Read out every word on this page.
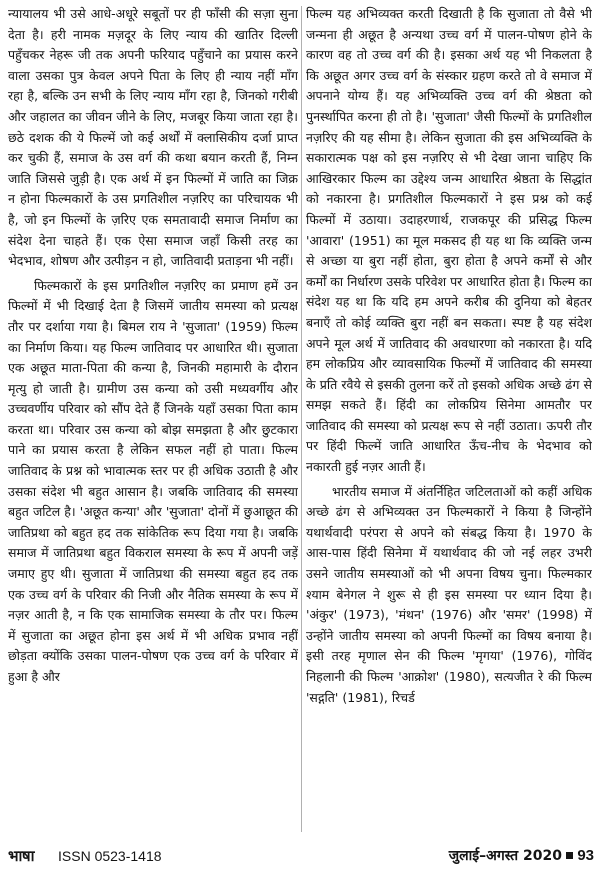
न्यायालय भी उसे आधे-अधूरे सबूतों पर ही फाँसी की सज़ा सुना देता है। हरी नामक मज़दूर के लिए न्याय की खातिर दिल्ली पहुँचकर नेहरू जी तक अपनी फरियाद पहुँचाने का प्रयास करने वाला उसका पुत्र केवल अपने पिता के लिए ही न्याय नहीं माँग रहा है, बल्कि उन सभी के लिए न्याय माँग रहा है, जिनको गरीबी और जहालत का जीवन जीने के लिए, मजबूर किया जाता रहा है। छठे दशक की ये फिल्में जो कई अर्थों में क्लासिकीय दर्जा प्राप्त कर चुकी हैं, समाज के उस वर्ग की कथा बयान करती हैं, निम्न जाति जिससे जुड़ी है। एक अर्थ में इन फिल्मों में जाति का जिक्र न होना फिल्मकारों के उस प्रगतिशील नज़रिए का परिचायक भी है, जो इन फिल्मों के ज़रिए एक समतावादी समाज निर्माण का संदेश देना चाहते हैं। एक ऐसा समाज जहाँ किसी तरह का भेदभाव, शोषण और उत्पीड़न न हो, जातिवादी प्रताड़ना भी नहीं।

फिल्मकारों के इस प्रगतिशील नज़रिए का प्रमाण हमें उन फिल्मों में भी दिखाई देता है जिसमें जातीय समस्या को प्रत्यक्ष तौर पर दर्शाया गया है। बिमल राय ने 'सुजाता' (1959) फिल्म का निर्माण किया। यह फिल्म जातिवाद पर आधारित थी। सुजाता एक अछूत माता-पिता की कन्या है, जिनकी महामारी के दौरान मृत्यु हो जाती है। ग्रामीण उस कन्या को उसी मध्यवर्गीय और उच्चवर्णीय परिवार को सौंप देते हैं जिनके यहाँ उसका पिता काम करता था। परिवार उस कन्या को बोझ समझता है और छुटकारा पाने का प्रयास करता है लेकिन सफल नहीं हो पाता। फिल्म जातिवाद के प्रश्न को भावात्मक स्तर पर ही अधिक उठाती है और उसका संदेश भी बहुत आसान है। जबकि जातिवाद की समस्या बहुत जटिल है। 'अछूत कन्या' और 'सुजाता' दोनों में छुआछूत की जातिप्रथा को बहुत हद तक सांकेतिक रूप दिया गया है। जबकि समाज में जातिप्रथा बहुत विकराल समस्या के रूप में अपनी जड़ें जमाए हुए थी। सुजाता में जातिप्रथा की समस्या बहुत हद तक एक उच्च वर्ग के परिवार की निजी और नैतिक समस्या के रूप में नज़र आती है, न कि एक सामाजिक समस्या के तौर पर। फिल्म में सुजाता का अछूत होना इस अर्थ में भी अधिक प्रभाव नहीं छोड़ता क्योंकि उसका पालन-पोषण एक उच्च वर्ग के परिवार में हुआ है और

फिल्म यह अभिव्यक्त करती दिखाती है कि सुजाता तो वैसे भी जन्मना ही अछूत है अन्यथा उच्च वर्ग में पालन-पोषण होने के कारण वह तो उच्च वर्ग की है। इसका अर्थ यह भी निकलता है कि अछूत अगर उच्च वर्ग के संस्कार ग्रहण करते तो वे समाज में अपनाने योग्य हैं। यह अभिव्यक्ति उच्च वर्ग की श्रेष्ठता को पुनर्स्थापित करना ही तो है। 'सुजाता' जैसी फिल्मों के प्रगतिशील नज़रिए की यह सीमा है। लेकिन सुजाता की इस अभिव्यक्ति के सकारात्मक पक्ष को इस नज़रिए से भी देखा जाना चाहिए कि आखिरकार फिल्म का उद्देश्य जन्म आधारित श्रेष्ठता के सिद्धांत को नकारना है। प्रगतिशील फिल्मकारों ने इस प्रश्न को कई फिल्मों में उठाया। उदाहरणार्थ, राजकपूर की प्रसिद्ध फिल्म 'आवारा' (1951) का मूल मकसद ही यह था कि व्यक्ति जन्म से अच्छा या बुरा नहीं होता, बुरा होता है अपने कर्मों से और कर्मों का निर्धारण उसके परिवेश पर आधारित होता है। फिल्म का संदेश यह था कि यदि हम अपने करीब की दुनिया को बेहतर बनाएँ तो कोई व्यक्ति बुरा नहीं बन सकता। स्पष्ट है यह संदेश अपने मूल अर्थ में जातिवाद की अवधारणा को नकारता है। यदि हम लोकप्रिय और व्यावसायिक फिल्मों में जातिवाद की समस्या के प्रति रवैये से इसकी तुलना करें तो इसको अधिक अच्छे ढंग से समझ सकते हैं। हिंदी का लोकप्रिय सिनेमा आमतौर पर जातिवाद की समस्या को प्रत्यक्ष रूप से नहीं उठाता। ऊपरी तौर पर हिंदी फिल्में जाति आधारित ऊँच-नीच के भेदभाव को नकारती हुई नज़र आती हैं।

भारतीय समाज में अंतर्निहित जटिलताओं को कहीं अधिक अच्छे ढंग से अभिव्यक्त उन फिल्मकारों ने किया है जिन्होंने यथार्थवादी परंपरा से अपने को संबद्ध किया है। 1970 के आस-पास हिंदी सिनेमा में यथार्थवाद की जो नई लहर उभरी उसने जातीय समस्याओं को भी अपना विषय चुना। फिल्मकार श्याम बेनेगल ने शुरू से ही इस समस्या पर ध्यान दिया है। 'अंकुर' (1973), 'मंथन' (1976) और 'समर' (1998) में उन्होंने जातीय समस्या को अपनी फिल्मों का विषय बनाया है। इसी तरह मृणाल सेन की फिल्म 'मृगया' (1976), गोविंद निहलानी की फिल्म 'आक्रोश' (1980), सत्यजीत रे की फिल्म 'सद्गति' (1981), रिचर्ड

भाषा ISSN 0523-1418	जुलाई–अगस्त 2020 93
